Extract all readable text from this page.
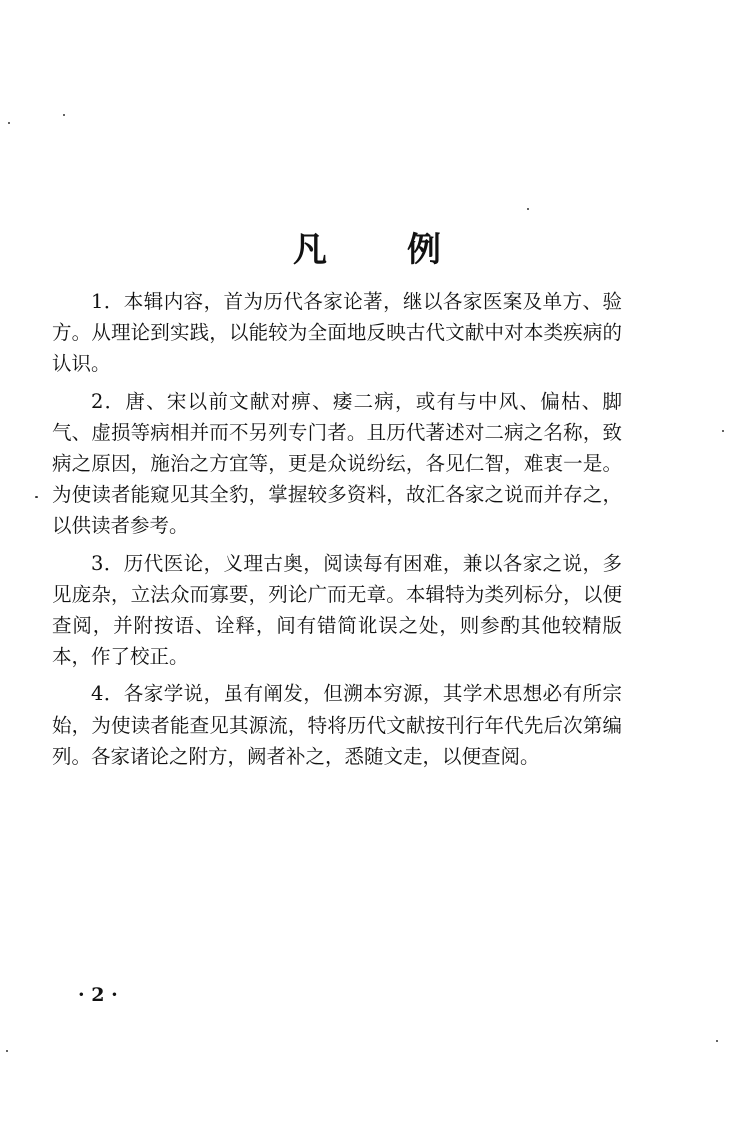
凡 例

1．本辑内容，首为历代各家论著，继以各家医案及单方、验方。从理论到实践，以能较为全面地反映古代文献中对本类疾病的认识。

2．唐、宋以前文献对痹、痿二病，或有与中风、偏枯、脚气、虚损等病相并而不另列专门者。且历代著述对二病之名称，致病之原因，施治之方宜等，更是众说纷纭，各见仁智，难衷一是。为使读者能窥见其全豹，掌握较多资料，故汇各家之说而并存之，以供读者参考。

3．历代医论，义理古奥，阅读每有困难，兼以各家之说，多见庞杂，立法众而寡要，列论广而无章。本辑特为类列标分，以便查阅，并附按语、诠释，间有错简讹误之处，则参酌其他较精版本，作了校正。

4．各家学说，虽有阐发，但溯本穷源，其学术思想必有所宗始，为使读者能查见其源流，特将历代文献按刊行年代先后次第编列。各家诸论之附方，阙者补之，悉随文走，以便查阅。

· 2 ·
